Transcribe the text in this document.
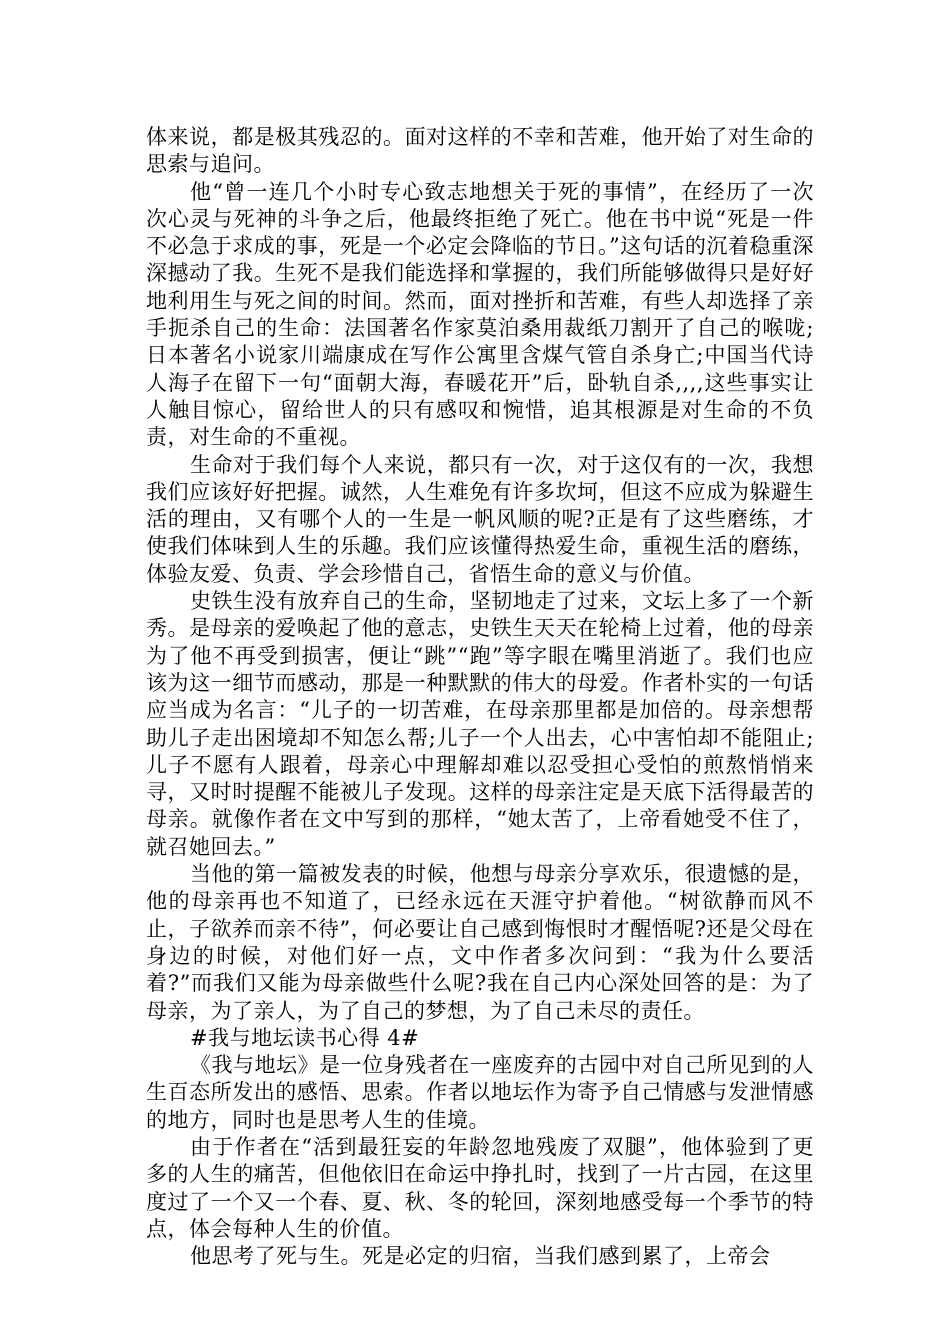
体来说，都是极其残忍的。面对这样的不幸和苦难，他开始了对生命的思索与追问。

他“曾一连几个小时专心致志地想关于死的事情”，在经历了一次次心灵与死神的斗争之后，他最终拒绝了死亡。他在书中说“死是一件不必急于求成的事，死是一个必定会降临的节日。”这句话的沉着稳重深深撼动了我。生死不是我们能选择和掌握的，我们所能够做得只是好好地利用生与死之间的时间。然而，面对挫折和苦难，有些人却选择了亲手扼杀自己的生命：法国著名作家莫泊桑用裁纸刀割开了自己的喉咙;日本著名小说家川端康成在写作公寓里含煤气管自杀身亡;中国当代诗人海子在留下一句“面朝大海，春暖花开”后，卧轨自杀,,,,这些事实让人触目惊心，留给世人的只有感叹和惋惜，追其根源是对生命的不负责，对生命的不重视。

生命对于我们每个人来说，都只有一次，对于这仅有的一次，我想我们应该好好把握。诚然，人生难免有许多坎坷，但这不应成为躲避生活的理由，又有哪个人的一生是一帆风顺的呢?正是有了这些磨练，才使我们体味到人生的乐趣。我们应该懂得热爱生命，重视生活的磨练，体验友爱、负责、学会珍惜自己，省悟生命的意义与价值。

史铁生没有放弃自己的生命，坚韧地走了过来，文坛上多了一个新秀。是母亲的爱唤起了他的意志，史铁生天天在轮椅上过着，他的母亲为了他不再受到损害，便让“跳”“跑”等字眼在嘴里消逝了。我们也应该为这一细节而感动，那是一种默默的伟大的母爱。作者朴实的一句话应当成为名言：“儿子的一切苦难，在母亲那里都是加倍的。母亲想帮助儿子走出困境却不知怎么帮;儿子一个人出去，心中害怕却不能阻止;儿子不愿有人跟着，母亲心中理解却难以忍受担心受怕的煎熬悄悄来寻，又时时提醒不能被儿子发现。这样的母亲注定是天底下活得最苦的母亲。就像作者在文中写到的那样，“她太苦了，上帝看她受不住了，就召她回去。”

当他的第一篇被发表的时候，他想与母亲分享欢乐，很遗憾的是，他的母亲再也不知道了，已经永远在天涯守护着他。“树欲静而风不止，子欲养而亲不待”，何必要让自己感到悔恨时才醒悟呢?还是父母在身边的时候，对他们好一点，文中作者多次问到：“我为什么要活着?”而我们又能为母亲做些什么呢?我在自己内心深处回答的是：为了母亲，为了亲人，为了自己的梦想，为了自己未尽的责任。

#我与地坛读书心得 4#

《我与地坛》是一位身残者在一座废弃的古园中对自己所见到的人生百态所发出的感悟、思索。作者以地坛作为寄予自己情感与发泄情感的地方，同时也是思考人生的佳境。

由于作者在“活到最狂妄的年龄忽地残废了双腿”，他体验到了更多的人生的痛苦，但他依旧在命运中挣扎时，找到了一片古园，在这里度过了一个又一个春、夏、秋、冬的轮回，深刻地感受每一个季节的特点，体会每种人生的价值。

他思考了死与生。死是必定的归宿，当我们感到累了，上帝会
